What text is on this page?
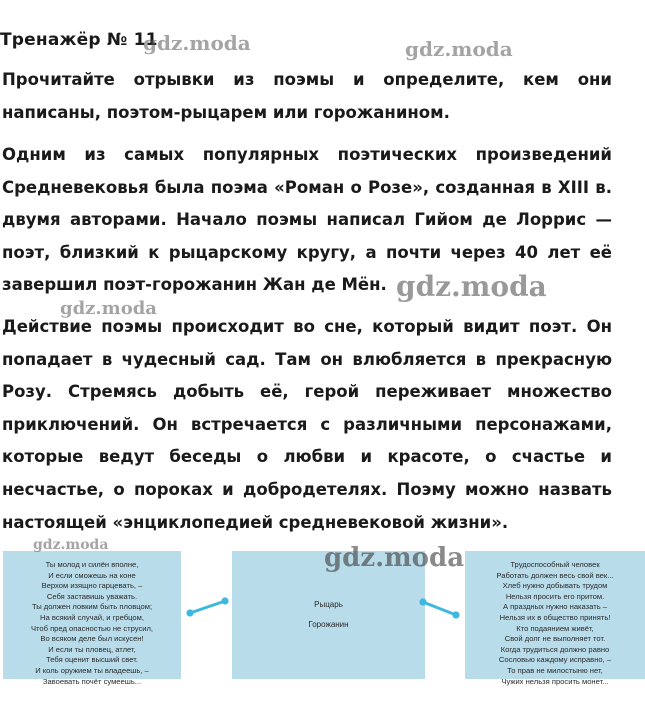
Тренажёр № 11
Прочитайте отрывки из поэмы и определите, кем они написаны, поэтом-рыцарем или горожанином.
Одним из самых популярных поэтических произведений Средневековья была поэма «Роман о Розе», созданная в XIII в. двумя авторами. Начало поэмы написал Гийом де Лоррис — поэт, близкий к рыцарскому кругу, а почти через 40 лет её завершил поэт-горожанин Жан де Мён.
Действие поэмы происходит во сне, который видит поэт. Он попадает в чудесный сад. Там он влюбляется в прекрасную Розу. Стремясь добыть её, герой переживает множество приключений. Он встречается с различными персонажами, которые ведут беседы о любви и красоте, о счастье и несчастье, о пороках и добродетелях. Поэму можно назвать настоящей «энциклопедией средневековой жизни».
Ты молод и силён вполне,
И если сможешь на коне
Верхом изящно гарцевать, –
Себя заставишь уважать.
Ты должен ловким быть пловцом;
На всякий случай, и гребцом,
Чтоб пред опасностью не струсил,
Во всяком деле был искусен!
И если ты пловец, атлет,
Тебя оценит высший свет.
И коль оружием ты владеешь, –
Завоевать почёт сумеешь...
Рыцарь
Горожанин
Трудоспособный человек
Работать должен весь свой век...
Хлеб нужно добывать трудом
Нельзя просить его притом.
А праздных нужно наказать –
Нельзя их в общество принять!
Кто подаянием живёт,
Свой долг не выполняет тот.
Когда трудиться должно равно
Сословью каждому исправно, –
То прав не милостыню нет,
Чужих нельзя просить монет...
gdz.moda	gdz.moda
gdz.moda
gdz.moda
gdz.moda	gdz.moda
